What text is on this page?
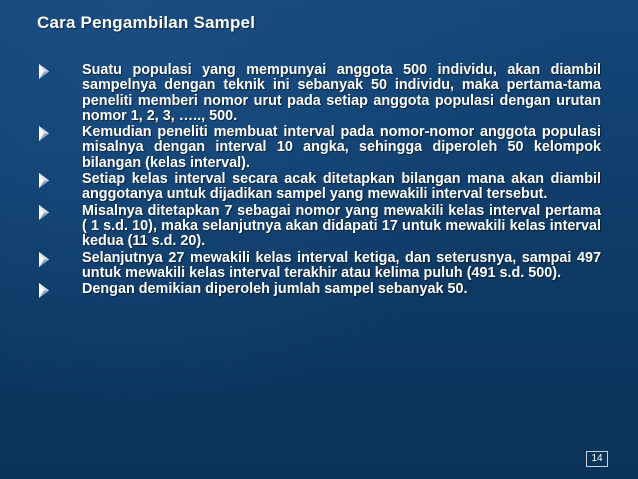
Cara Pengambilan Sampel
Suatu populasi yang mempunyai anggota 500 individu, akan diambil sampelnya dengan teknik ini sebanyak 50 individu, maka pertama-tama peneliti memberi nomor urut pada setiap anggota populasi dengan urutan nomor 1, 2, 3, ….., 500.
Kemudian peneliti membuat interval pada nomor-nomor anggota populasi misalnya dengan interval 10 angka, sehingga diperoleh 50 kelompok bilangan (kelas interval).
Setiap kelas interval secara acak ditetapkan bilangan mana akan diambil anggotanya untuk dijadikan sampel yang mewakili interval tersebut.
Misalnya ditetapkan 7 sebagai nomor yang mewakili kelas interval pertama ( 1 s.d. 10), maka selanjutnya akan didapati 17 untuk mewakili kelas interval kedua (11 s.d. 20).
Selanjutnya 27 mewakili kelas interval ketiga, dan seterusnya, sampai 497 untuk mewakili kelas interval terakhir atau kelima puluh (491 s.d. 500).
Dengan demikian diperoleh jumlah sampel sebanyak 50.
14
